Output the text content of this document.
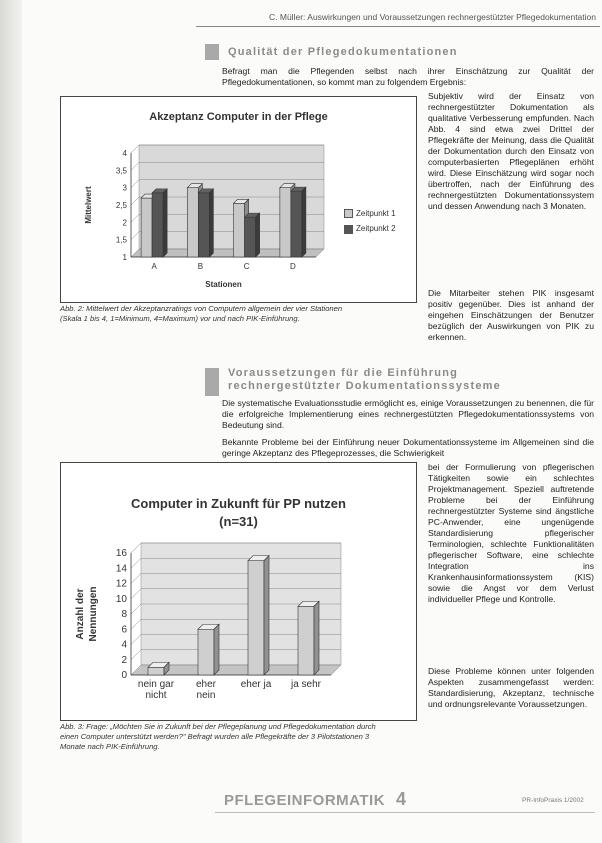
C. Müller: Auswirkungen und Voraussetzungen rechnergestützter Pflegedokumentation
Qualität der Pflegedokumentationen
Befragt man die Pflegenden selbst nach ihrer Einschätzung zur Qualität der Pflegedokumentationen, so kommt man zu folgendem Ergebnis:

Subjektiv wird der Einsatz von rechnergestützter Dokumentation als qualitative Verbesserung empfunden. Nach Abb. 4 sind etwa zwei Drittel der Pflegekräfte der Meinung, dass die Qualität der Dokumentation durch den Einsatz von computerbasierten Pflegeplänen erhöht wird. Diese Einschätzung wird sogar noch übertroffen, nach der Einführung des rechnergestützten Dokumentationssystem und dessen Anwendung nach 3 Monaten.

Die Mitarbeiter stehen PIK insgesamt positiv gegenüber. Dies ist anhand der eingehen Einschätzungen der Benutzer bezüglich der Auswirkungen von PIK zu erkennen.
Akzeptanz Computer in der Pflege
1
1,5
2
2,5
3
3,5
4
A	B	C	D
Stationen
Mittelwert	Zeitpunkt 1
Zeitpunkt 2
Abb. 2: Mittelwert der Akzeptanzratings von Computern allgemein der vier Stationen (Skala 1 bis 4, 1=Minimum, 4=Maximum) vor und nach PIK-Einführung.
Voraussetzungen für die Einführung
rechnergestützter Dokumentationssysteme

Die systematische Evaluationsstudie ermöglicht es, einige Voraussetzungen zu benennen, die für die erfolgreiche Implementierung eines rechnergestützten Pflegedokumentationssystems von Bedeutung sind.

Bekannte Probleme bei der Einführung neuer Dokumentationssysteme im Allgemeinen sind die geringe Akzeptanz des Pflegeprozesses, die Schwierigkeit

bei der Formulierung von pflegerischen Tätigkeiten sowie ein schlechtes Projektmanagement. Speziell auftretende Probleme bei der Einführung rechnergestützter Systeme sind ängstliche PC-Anwender, eine ungenügende Standardisierung pflegerischer Terminologien, schlechte Funktionalitäten pflegerischer Software, eine schlechte Integration ins Krankenhausinformationssystem (KIS) sowie die Angst vor dem Verlust individueller Pflege und Kontrolle.
Diese Probleme können unter folgenden Aspekten zusammengefasst werden: Standardisierung, Akzeptanz, technische und ordnungsrelevante Voraussetzungen.
Computer in Zukunft für PP nutzen
(n=31)
0
2
4
6
8
10
12
14
16
nein gar
nicht
eher
nein
eher ja ja sehr
Anzahl der Nennungen
Abb. 3: Frage: „Möchten Sie in Zukunft bei der Pflegeplanung und Pflegedokumentation durch einen Computer unterstützt werden?" Befragt wurden alle Pflegekräfte der 3 Pilotstationen 3 Monate nach PIK-Einführung.
PFLEGEINFORMATIK 4	PR-InfoPraxis 1/2002
